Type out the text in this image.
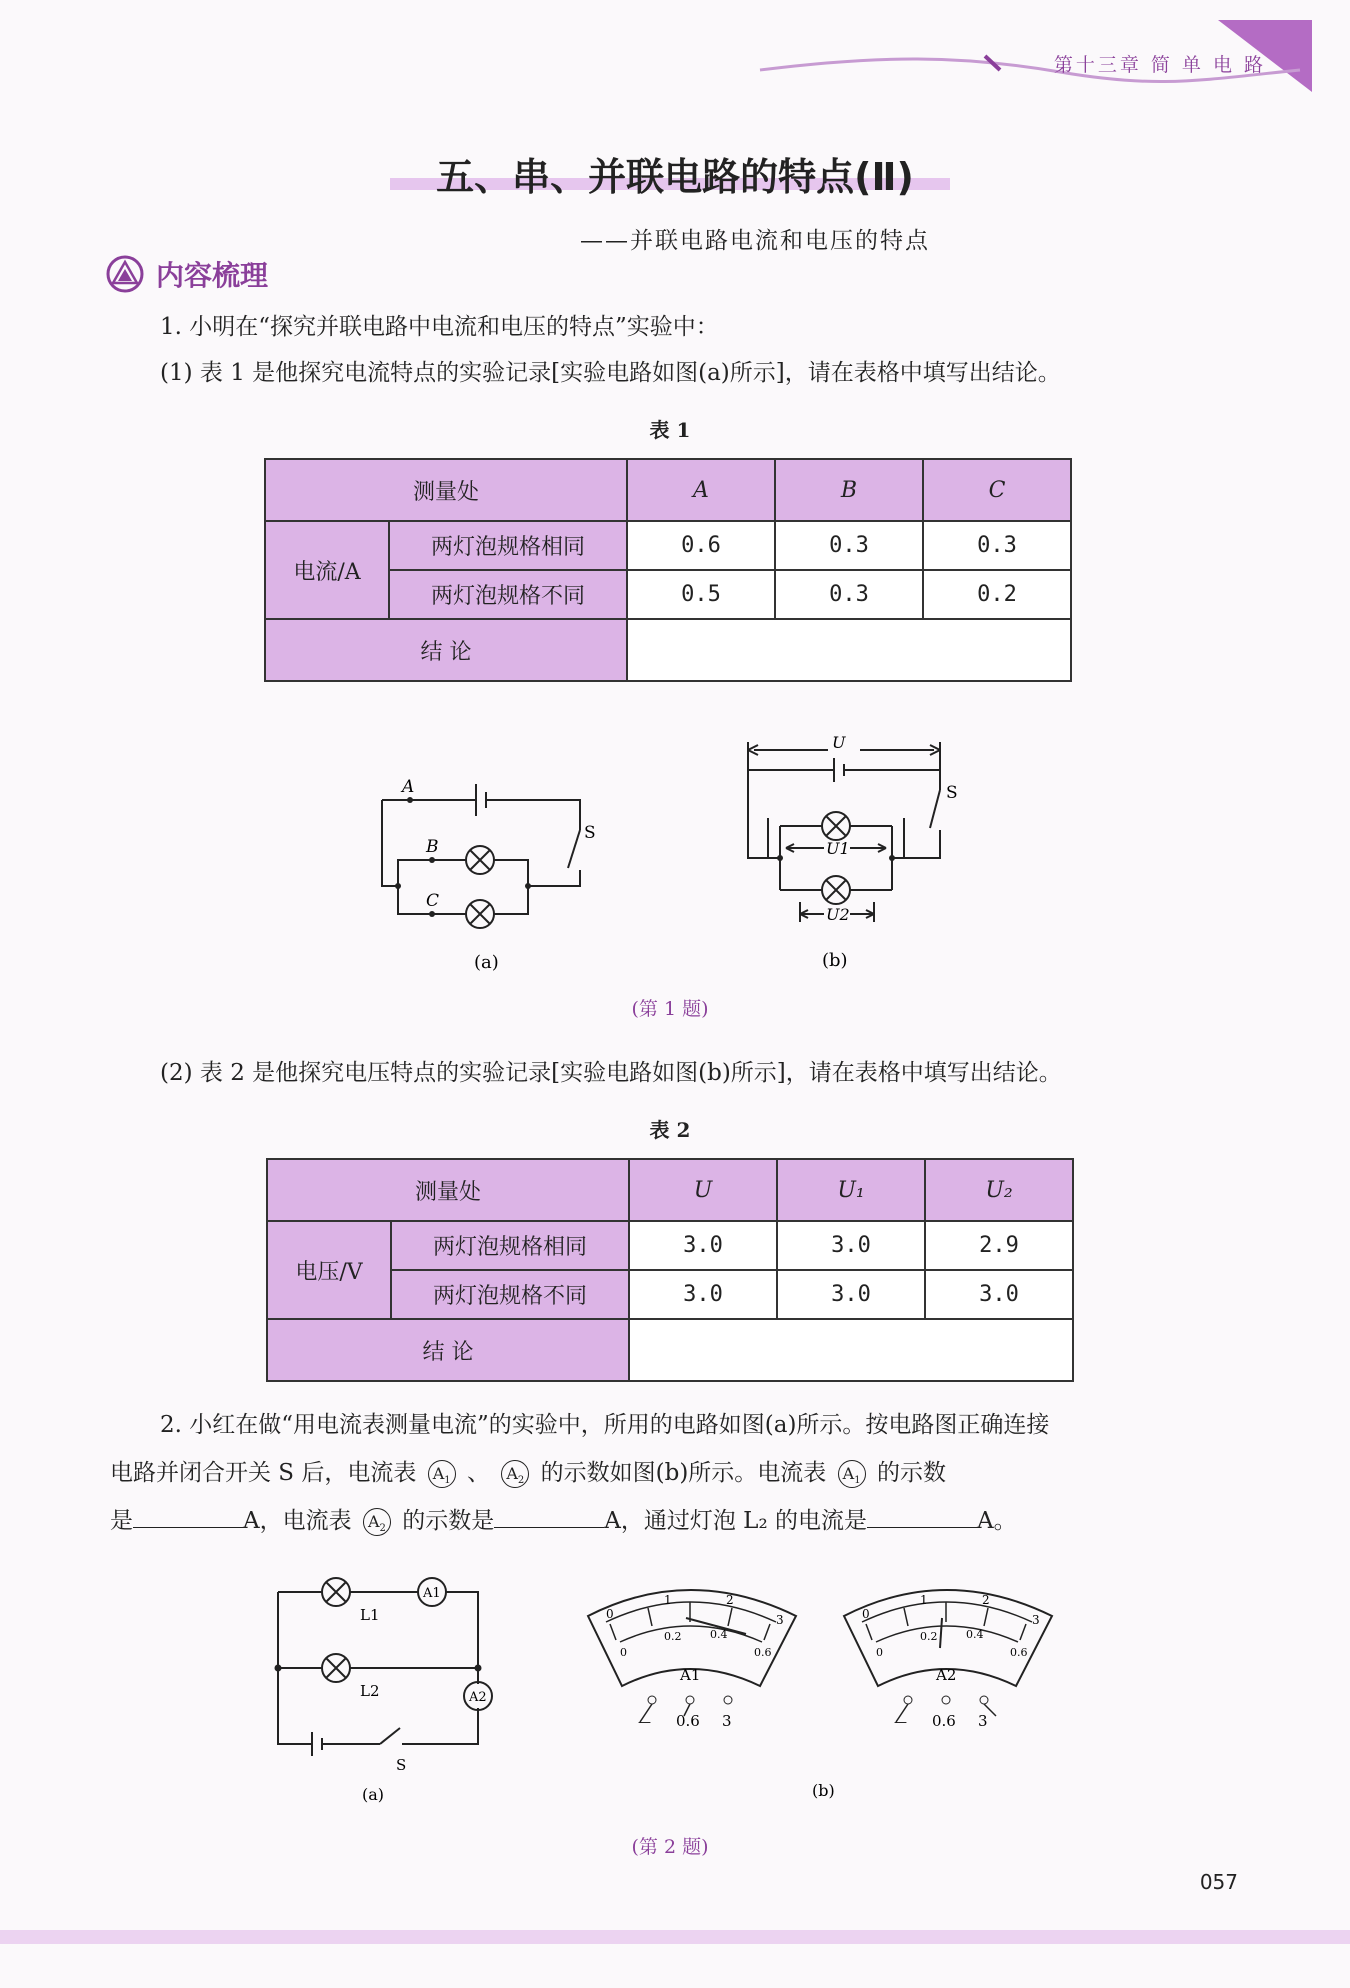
第十三章 简 单 电 路
五、串、并联电路的特点(Ⅱ)
——并联电路电流和电压的特点
内容梳理
1. 小明在“探究并联电路中电流和电压的特点”实验中：
(1) 表 1 是他探究电流特点的实验记录[实验电路如图(a)所示]，请在表格中填写出结论。
表 1
测量处		A	B	C
电流/A	两灯泡规格相同	0.6	0.3	0.3
	两灯泡规格不同	0.5	0.3	0.2
结 论				
A
B
C
S
(a)
U
U1
U2
S
(b)
(第 1 题)
(2) 表 2 是他探究电压特点的实验记录[实验电路如图(b)所示]，请在表格中填写出结论。
表 2
测量处		U	U₁	U₂
电压/V	两灯泡规格相同	3.0	3.0	2.9
	两灯泡规格不同	3.0	3.0	3.0
结 论				
2. 小红在做“用电流表测量电流”的实验中，所用的电路如图(a)所示。按电路图正确连接
电路并闭合开关 S 后，电流表 $A_1$ 、 $A_2$ 的示数如图(b)所示。电流表 $A_1$ 的示数
是	A，电流表 $A_2$ 的示数是	A，通过灯泡 L₂ 的电流是	A。
L1
L2
A1
A2
S
(a)
0
1	2
3
0
0.2	0.4
0.6
A1
— 0.6 3
0
1	2
3
0
0.2	0.4
0.6
A2
— 0.6 3
(b)
(第 2 题)
057
